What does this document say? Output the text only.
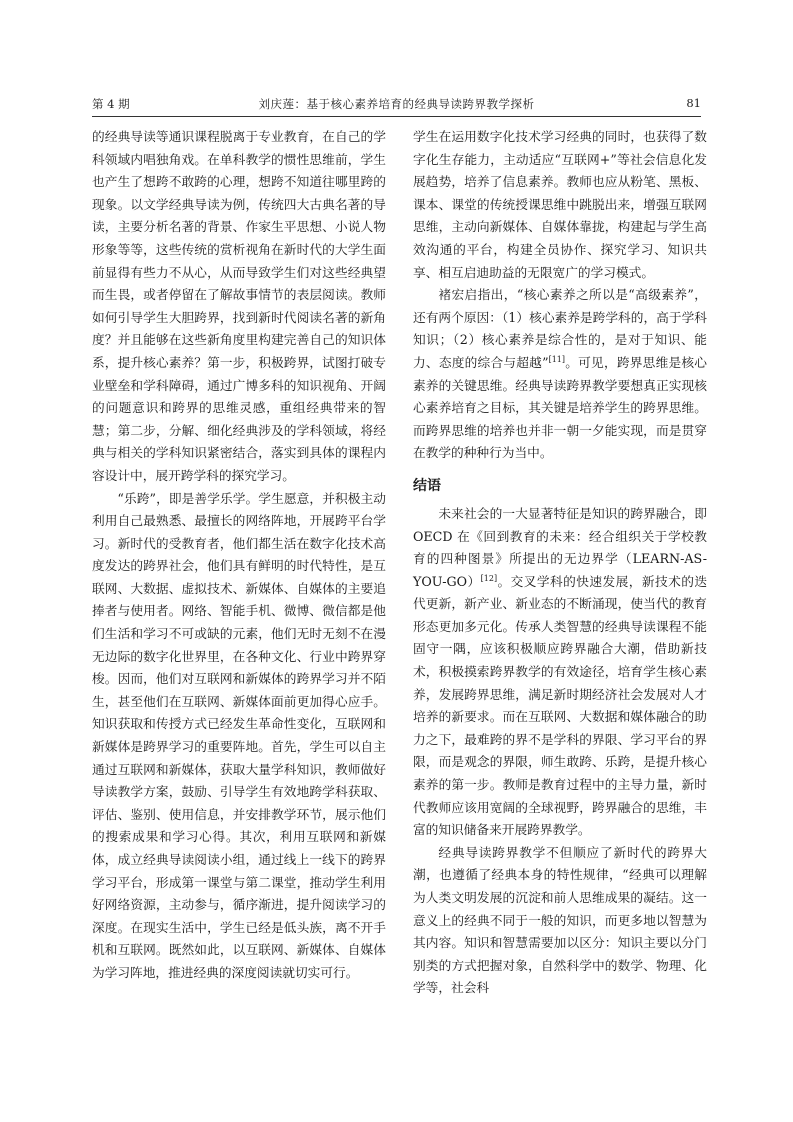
第 4 期	刘庆莲：基于核心素养培育的经典导读跨界教学探析	81

的经典导读等通识课程脱离于专业教育，在自己的学科领域内唱独角戏。在单科教学的惯性思维前，学生也产生了想跨不敢跨的心理，想跨不知道往哪里跨的现象。以文学经典导读为例，传统四大古典名著的导读，主要分析名著的背景、作家生平思想、小说人物形象等等，这些传统的赏析视角在新时代的大学生面前显得有些力不从心，从而导致学生们对这些经典望而生畏，或者停留在了解故事情节的表层阅读。教师如何引导学生大胆跨界，找到新时代阅读名著的新角度？并且能够在这些新角度里构建完善自己的知识体系，提升核心素养？第一步，积极跨界，试图打破专业壁垒和学科障碍，通过广博多科的知识视角、开阔的问题意识和跨界的思维灵感，重组经典带来的智慧；第二步，分解、细化经典涉及的学科领域，将经典与相关的学科知识紧密结合，落实到具体的课程内容设计中，展开跨学科的探究学习。

“乐跨”，即是善学乐学。学生愿意，并积极主动利用自己最熟悉、最擅长的网络阵地，开展跨平台学习。新时代的受教育者，他们都生活在数字化技术高度发达的跨界社会，他们具有鲜明的时代特性，是互联网、大数据、虚拟技术、新媒体、自媒体的主要追捧者与使用者。网络、智能手机、微博、微信都是他们生活和学习不可或缺的元素，他们无时无刻不在漫无边际的数字化世界里，在各种文化、行业中跨界穿梭。因而，他们对互联网和新媒体的跨界学习并不陌生，甚至他们在互联网、新媒体面前更加得心应手。知识获取和传授方式已经发生革命性变化，互联网和新媒体是跨界学习的重要阵地。首先，学生可以自主通过互联网和新媒体，获取大量学科知识，教师做好导读教学方案，鼓励、引导学生有效地跨学科获取、评估、鉴别、使用信息，并安排教学环节，展示他们的搜索成果和学习心得。其次，利用互联网和新媒体，成立经典导读阅读小组，通过线上一线下的跨界学习平台，形成第一课堂与第二课堂，推动学生利用好网络资源，主动参与，循序渐进，提升阅读学习的深度。在现实生活中，学生已经是低头族，离不开手机和互联网。既然如此，以互联网、新媒体、自媒体为学习阵地，推进经典的深度阅读就切实可行。

学生在运用数字化技术学习经典的同时，也获得了数字化生存能力，主动适应“互联网+”等社会信息化发展趋势，培养了信息素养。教师也应从粉笔、黑板、课本、课堂的传统授课思维中跳脱出来，增强互联网思维，主动向新媒体、自媒体靠拢，构建起与学生高效沟通的平台，构建全员协作、探究学习、知识共享、相互启迪助益的无限宽广的学习模式。

褚宏启指出，“核心素养之所以是“高级素养”，还有两个原因：（1）核心素养是跨学科的，高于学科知识；（2）核心素养是综合性的，是对于知识、能力、态度的综合与超越”[11]。可见，跨界思维是核心素养的关键思维。经典导读跨界教学要想真正实现核心素养培育之目标，其关键是培养学生的跨界思维。而跨界思维的培养也并非一朝一夕能实现，而是贯穿在教学的种种行为当中。

结语

未来社会的一大显著特征是知识的跨界融合，即 OECD 在《回到教育的未来：经合组织关于学校教育的四种图景》所提出的无边界学（LEARN-AS-YOU-GO）[12]。交叉学科的快速发展，新技术的迭代更新，新产业、新业态的不断涌现，使当代的教育形态更加多元化。传承人类智慧的经典导读课程不能固守一隅，应该积极顺应跨界融合大潮，借助新技术，积极摸索跨界教学的有效途径，培育学生核心素养，发展跨界思维，满足新时期经济社会发展对人才培养的新要求。而在互联网、大数据和媒体融合的助力之下，最难跨的界不是学科的界限、学习平台的界限，而是观念的界限，师生敢跨、乐跨，是提升核心素养的第一步。教师是教育过程中的主导力量，新时代教师应该用宽阔的全球视野，跨界融合的思维，丰富的知识储备来开展跨界教学。

经典导读跨界教学不但顺应了新时代的跨界大潮，也遵循了经典本身的特性规律，“经典可以理解为人类文明发展的沉淀和前人思维成果的凝结。这一意义上的经典不同于一般的知识，而更多地以智慧为其内容。知识和智慧需要加以区分：知识主要以分门别类的方式把握对象，自然科学中的数学、物理、化学等，社会科
